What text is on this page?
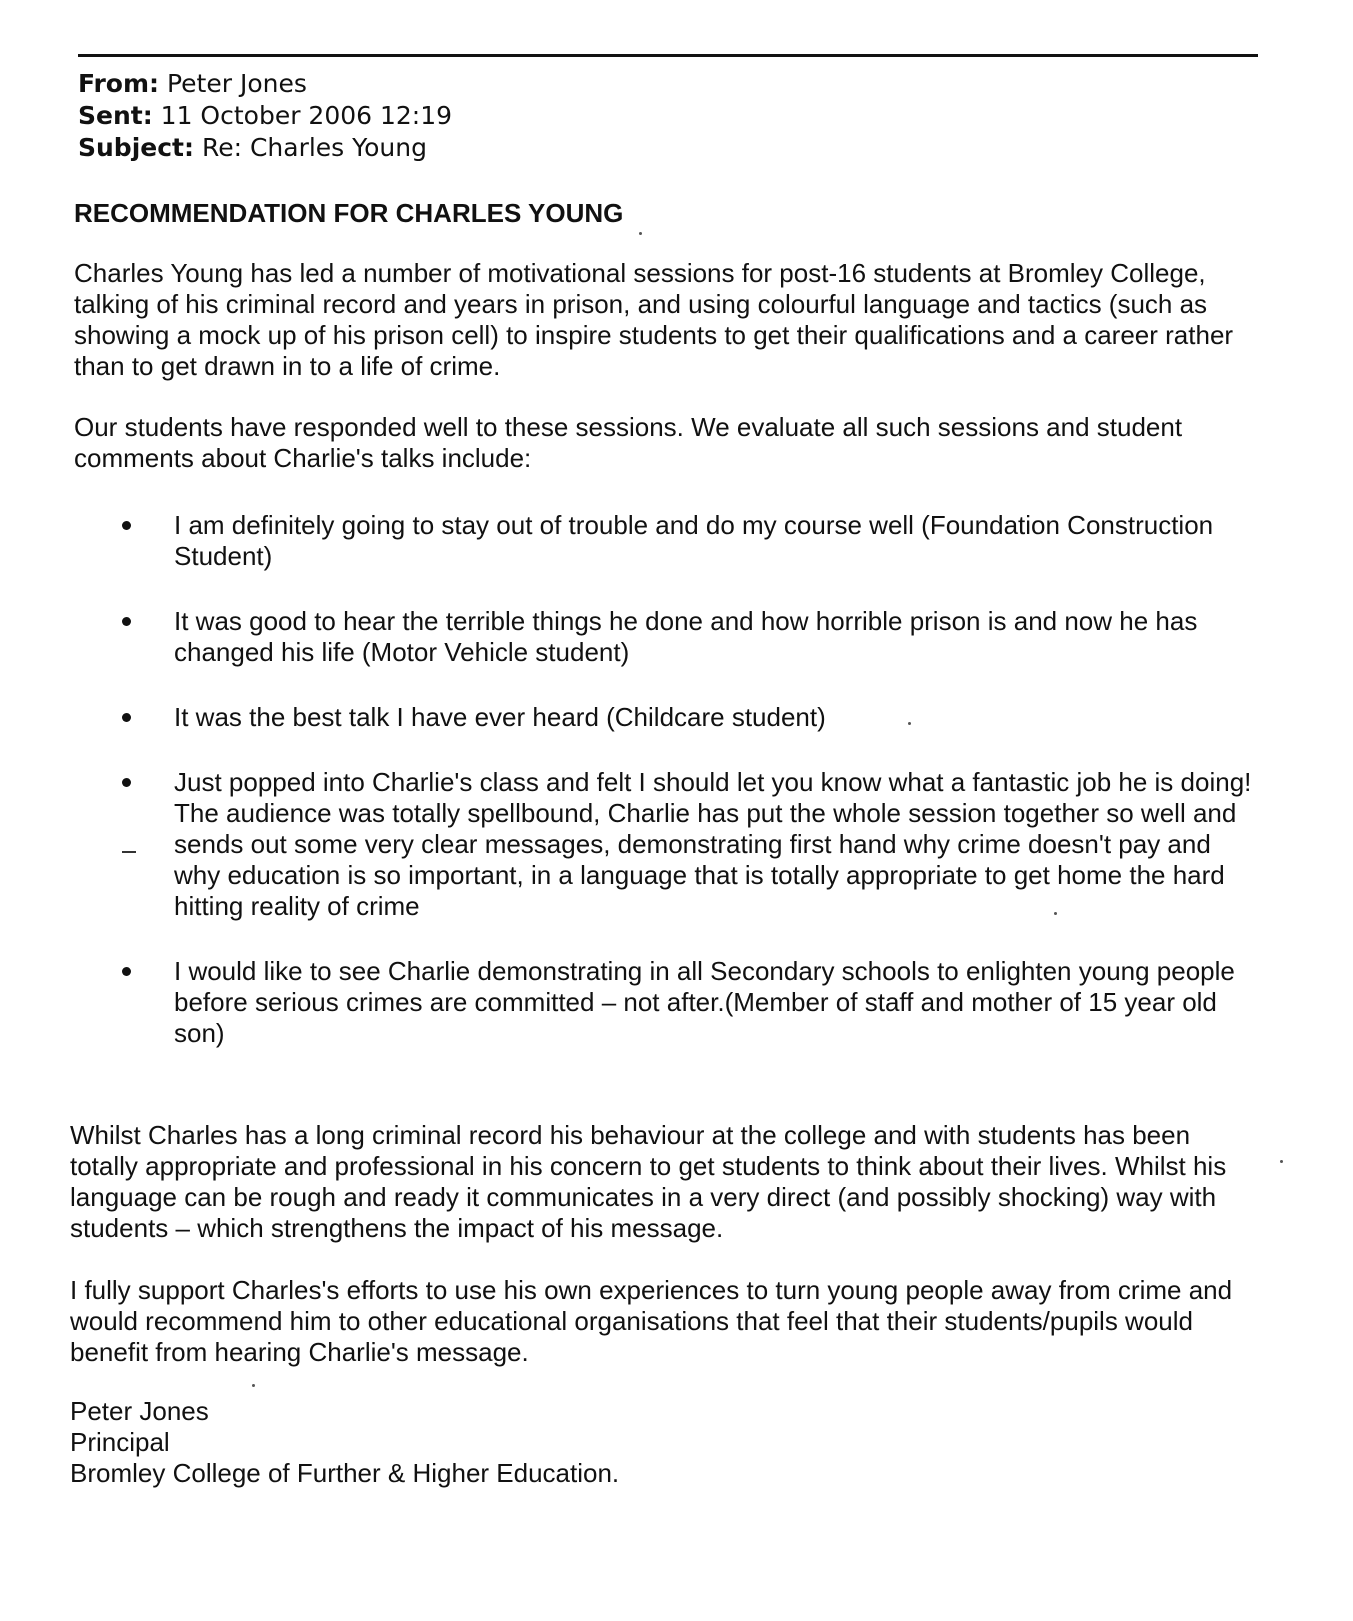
From: Peter Jones
Sent: 11 October 2006 12:19
Subject: Re: Charles Young
RECOMMENDATION FOR CHARLES YOUNG

Charles Young has led a number of motivational sessions for post-16 students at Bromley College, talking of his criminal record and years in prison, and using colourful language and tactics (such as showing a mock up of his prison cell) to inspire students to get their qualifications and a career rather than to get drawn in to a life of crime.

Our students have responded well to these sessions. We evaluate all such sessions and student comments about Charlie's talks include:

I am definitely going to stay out of trouble and do my course well (Foundation Construction Student)
It was good to hear the terrible things he done and how horrible prison is and now he has changed his life (Motor Vehicle student)
It was the best talk I have ever heard (Childcare student)
Just popped into Charlie's class and felt I should let you know what a fantastic job he is doing! The audience was totally spellbound, Charlie has put the whole session together so well and sends out some very clear messages, demonstrating first hand why crime doesn't pay and why education is so important, in a language that is totally appropriate to get home the hard hitting reality of crime
I would like to see Charlie demonstrating in all Secondary schools to enlighten young people before serious crimes are committed – not after.(Member of staff and mother of 15 year old son)

Whilst Charles has a long criminal record his behaviour at the college and with students has been totally appropriate and professional in his concern to get students to think about their lives. Whilst his language can be rough and ready it communicates in a very direct (and possibly shocking) way with students – which strengthens the impact of his message.

I fully support Charles's efforts to use his own experiences to turn young people away from crime and would recommend him to other educational organisations that feel that their students/pupils would benefit from hearing Charlie's message.

Peter Jones
Principal
Bromley College of Further & Higher Education.
